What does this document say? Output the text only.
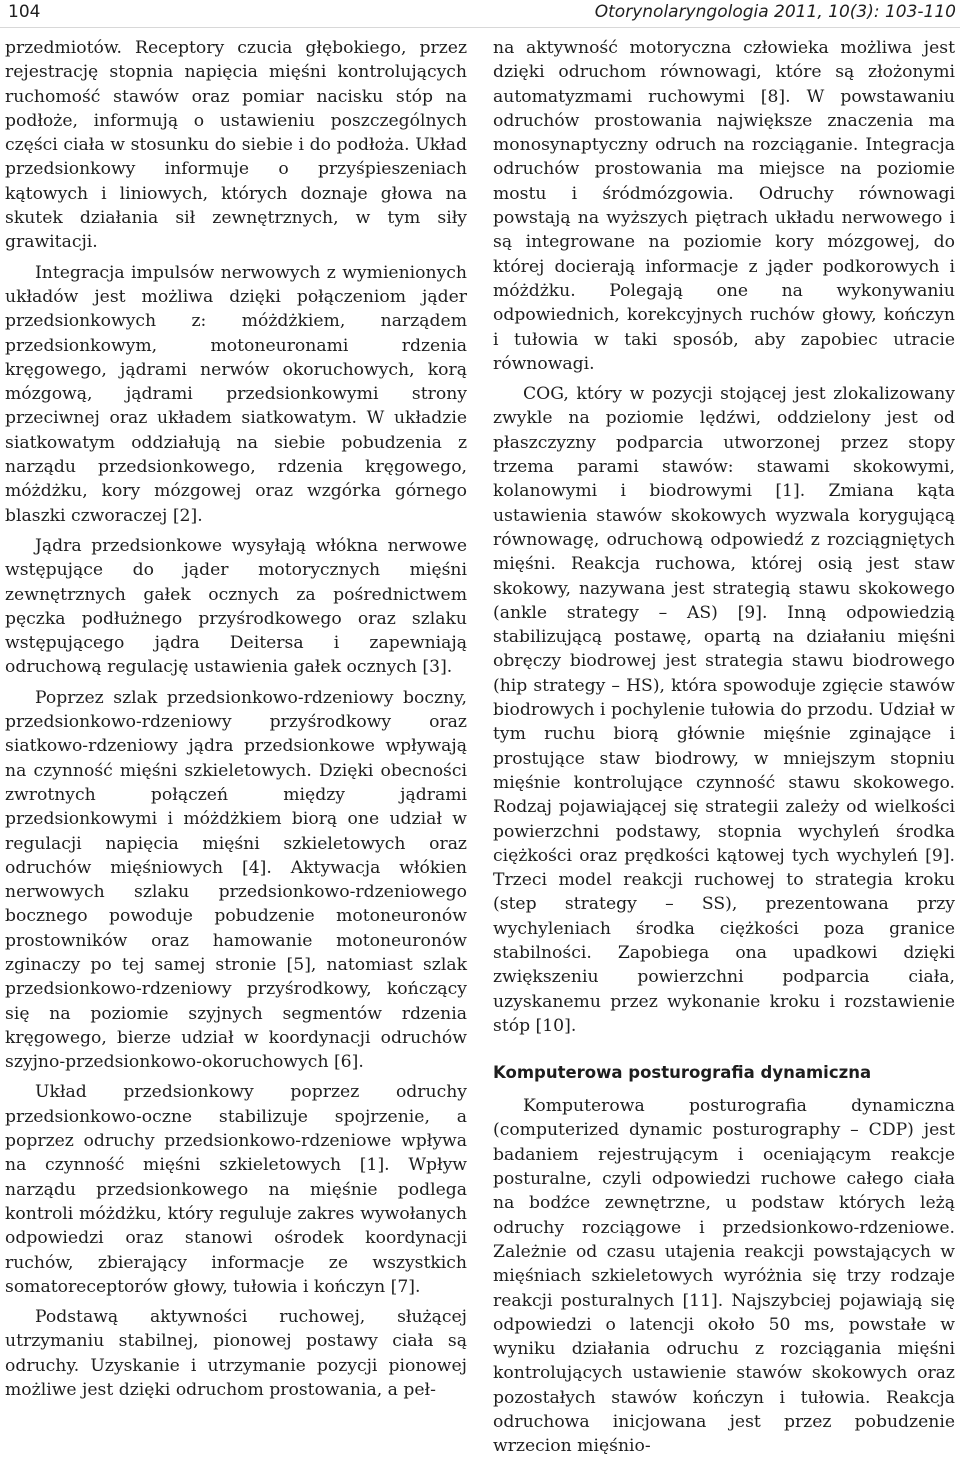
104	Otorynolaryngologia 2011, 10(3): 103-110

przedmiotów. Receptory czucia głębokiego, przez rejestrację stopnia napięcia mięśni kontrolujących ruchomość stawów oraz pomiar nacisku stóp na podłoże, informują o ustawieniu poszczególnych części ciała w stosunku do siebie i do podłoża. Układ przedsionkowy informuje o przyśpieszeniach kątowych i liniowych, których doznaje głowa na skutek działania sił zewnętrznych, w tym siły grawitacji.

Integracja impulsów nerwowych z wymienionych układów jest możliwa dzięki połączeniom jąder przedsionkowych z: móżdżkiem, narządem przedsionkowym, motoneuronami rdzenia kręgowego, jądrami nerwów okoruchowych, korą mózgową, jądrami przedsionkowymi strony przeciwnej oraz układem siatkowatym. W układzie siatkowatym oddziałują na siebie pobudzenia z narządu przedsionkowego, rdzenia kręgowego, móżdżku, kory mózgowej oraz wzgórka górnego blaszki czworaczej [2].

Jądra przedsionkowe wysyłają włókna nerwowe wstępujące do jąder motorycznych mięśni zewnętrznych gałek ocznych za pośrednictwem pęczka podłużnego przyśrodkowego oraz szlaku wstępującego jądra Deitersa i zapewniają odruchową regulację ustawienia gałek ocznych [3].

Poprzez szlak przedsionkowo-rdzeniowy boczny, przedsionkowo-rdzeniowy przyśrodkowy oraz siatkowo-rdzeniowy jądra przedsionkowe wpływają na czynność mięśni szkieletowych. Dzięki obecności zwrotnych połączeń między jądrami przedsionkowymi i móżdżkiem biorą one udział w regulacji napięcia mięśni szkieletowych oraz odruchów mięśniowych [4]. Aktywacja włókien nerwowych szlaku przedsionkowo-rdzeniowego bocznego powoduje pobudzenie motoneuronów prostowników oraz hamowanie motoneuronów zginaczy po tej samej stronie [5], natomiast szlak przedsionkowo-rdzeniowy przyśrodkowy, kończący się na poziomie szyjnych segmentów rdzenia kręgowego, bierze udział w koordynacji odruchów szyjno-przedsionkowo-okoruchowych [6].

Układ przedsionkowy poprzez odruchy przedsionkowo-oczne stabilizuje spojrzenie, a poprzez odruchy przedsionkowo-rdzeniowe wpływa na czynność mięśni szkieletowych [1]. Wpływ narządu przedsionkowego na mięśnie podlega kontroli móżdżku, który reguluje zakres wywołanych odpowiedzi oraz stanowi ośrodek koordynacji ruchów, zbierający informacje ze wszystkich somatoreceptorów głowy, tułowia i kończyn [7].

Podstawą aktywności ruchowej, służącej utrzymaniu stabilnej, pionowej postawy ciała są odruchy. Uzyskanie i utrzymanie pozycji pionowej możliwe jest dzięki odruchom prostowania, a peł-

na aktywność motoryczna człowieka możliwa jest dzięki odruchom równowagi, które są złożonymi automatyzmami ruchowymi [8]. W powstawaniu odruchów prostowania największe znaczenia ma monosynaptyczny odruch na rozciąganie. Integracja odruchów prostowania ma miejsce na poziomie mostu i śródmózgowia. Odruchy równowagi powstają na wyższych piętrach układu nerwowego i są integrowane na poziomie kory mózgowej, do której docierają informacje z jąder podkorowych i móżdżku. Polegają one na wykonywaniu odpowiednich, korekcyjnych ruchów głowy, kończyn i tułowia w taki sposób, aby zapobiec utracie równowagi.

COG, który w pozycji stojącej jest zlokalizowany zwykle na poziomie lędźwi, oddzielony jest od płaszczyzny podparcia utworzonej przez stopy trzema parami stawów: stawami skokowymi, kolanowymi i biodrowymi [1]. Zmiana kąta ustawienia stawów skokowych wyzwala korygującą równowagę, odruchową odpowiedź z rozciągniętych mięśni. Reakcja ruchowa, której osią jest staw skokowy, nazywana jest strategią stawu skokowego (ankle strategy – AS) [9]. Inną odpowiedzią stabilizującą postawę, opartą na działaniu mięśni obręczy biodrowej jest strategia stawu biodrowego (hip strategy – HS), która spowoduje zgięcie stawów biodrowych i pochylenie tułowia do przodu. Udział w tym ruchu biorą głównie mięśnie zginające i prostujące staw biodrowy, w mniejszym stopniu mięśnie kontrolujące czynność stawu skokowego. Rodzaj pojawiającej się strategii zależy od wielkości powierzchni podstawy, stopnia wychyleń środka ciężkości oraz prędkości kątowej tych wychyleń [9]. Trzeci model reakcji ruchowej to strategia kroku (step strategy – SS), prezentowana przy wychyleniach środka ciężkości poza granice stabilności. Zapobiega ona upadkowi dzięki zwiększeniu powierzchni podparcia ciała, uzyskanemu przez wykonanie kroku i rozstawienie stóp [10].

Komputerowa posturografia dynamiczna

Komputerowa posturografia dynamiczna (computerized dynamic posturography – CDP) jest badaniem rejestrującym i oceniającym reakcje posturalne, czyli odpowiedzi ruchowe całego ciała na bodźce zewnętrzne, u podstaw których leżą odruchy rozciągowe i przedsionkowo-rdzeniowe. Zależnie od czasu utajenia reakcji powstających w mięśniach szkieletowych wyróżnia się trzy rodzaje reakcji posturalnych [11]. Najszybciej pojawiają się odpowiedzi o latencji około 50 ms, powstałe w wyniku działania odruchu z rozciągania mięśni kontrolujących ustawienie stawów skokowych oraz pozostałych stawów kończyn i tułowia. Reakcja odruchowa inicjowana jest przez pobudzenie wrzecion mięśnio-
